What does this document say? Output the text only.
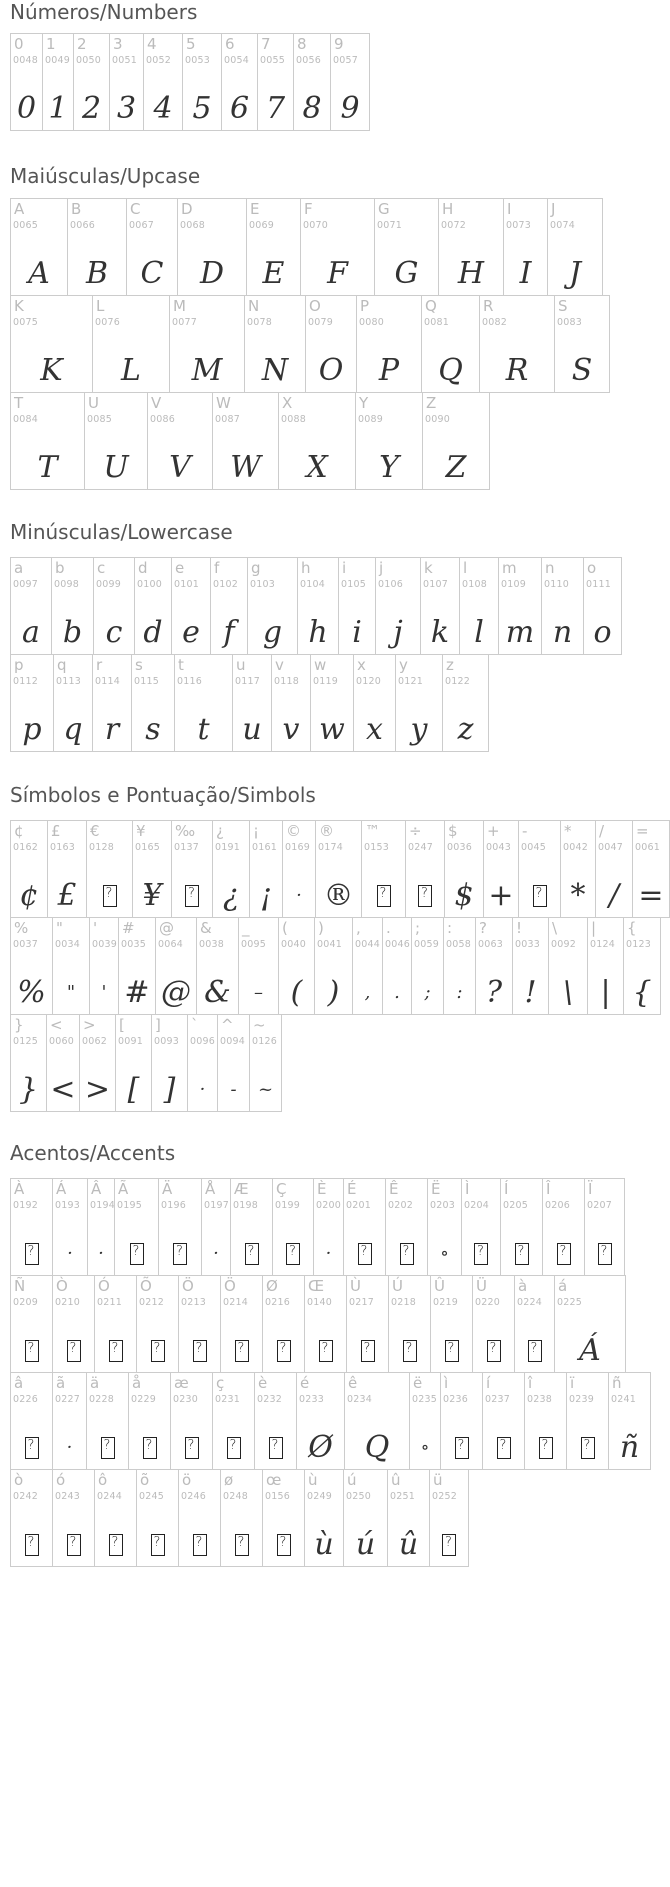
Números/Numbers
0
0048
0
1
0049
1
2
0050
2
3
0051
3
4
0052
4
5
0053
5
6
0054
6
7
0055
7
8
0056
8
9
0057
9
Maiúsculas/Upcase
A
0065
A
B
0066
B
C
0067
C
D
0068
D
E
0069
E
F
0070
F
G
0071
G
H
0072
H
I
0073
I
J
0074
J
K
0075
K
L
0076
L
M
0077
M
N
0078
N
O
0079
O
P
0080
P
Q
0081
Q
R
0082
R
S
0083
S
T
0084
T
U
0085
U
V
0086
V
W
0087
W
X
0088
X
Y
0089
Y
Z
0090
Z
Minúsculas/Lowercase
a
0097
a
b
0098
b
c
0099
c
d
0100
d
e
0101
e
f
0102
f
g
0103
g
h
0104
h
i
0105
i
j
0106
j
k
0107
k
l
0108
l
m
0109
m
n
0110
n
o
0111
o
p
0112
p
q
0113
q
r
0114
r
s
0115
s
t
0116
t
u
0117
u
v
0118
v
w
0119
w
x
0120
x
y
0121
y
z
0122
z
Símbolos e Pontuação/Simbols
¢
0162
¢
£
0163
£
€
0128
?
¥
0165
¥
‰
0137
?
¿
0191
¿
¡
0161
¡
©
0169
·
®
0174
®
™
0153
?
÷
0247
?
$
0036
$
+
0043
+
-
0045
?
*
0042
*
/
0047
/
=
0061
=
%
0037
%
"
0034
"
'
0039
'
#
0035
#
@
0064
@
&
0038
&
_
0095
–
(
0040
(
)
0041
)
,
0044
,
.
0046
.
;
0059
;
:
0058
:
?
0063
?
!
0033
!
\
0092
\
|
0124
|
{
0123
{
}
0125
}
<
0060
<
>
0062
>
[
0091
[
]
0093
]
`
0096
·
^
0094
-
~
0126
~
Acentos/Accents
À
0192
?
Á
0193
·
Â
0194
·
Ã
0195
?
Ä
0196
?
Å
0197
·
Æ
0198
?
Ç
0199
?
È
0200
·
É
0201
?
Ê
0202
?
Ë
0203
∘
Ì
0204
?
Í
0205
?
Î
0206
?
Ï
0207
?
Ñ
0209
?
Ò
0210
?
Ó
0211
?
Õ
0212
?
Ö
0213
?
Ö
0214
?
Ø
0216
?
Œ
0140
?
Ù
0217
?
Ú
0218
?
Û
0219
?
Ü
0220
?
à
0224
?
á
0225
Á
â
0226
?
ã
0227
·
ä
0228
?
å
0229
?
æ
0230
?
ç
0231
?
è
0232
?
é
0233
Ø
ê
0234
Q
ë
0235
∘
ì
0236
?
í
0237
?
î
0238
?
ï
0239
?
ñ
0241
ñ
ò
0242
?
ó
0243
?
ô
0244
?
õ
0245
?
ö
0246
?
ø
0248
?
œ
0156
?
ù
0249
ù
ú
0250
ú
û
0251
û
ü
0252
?
